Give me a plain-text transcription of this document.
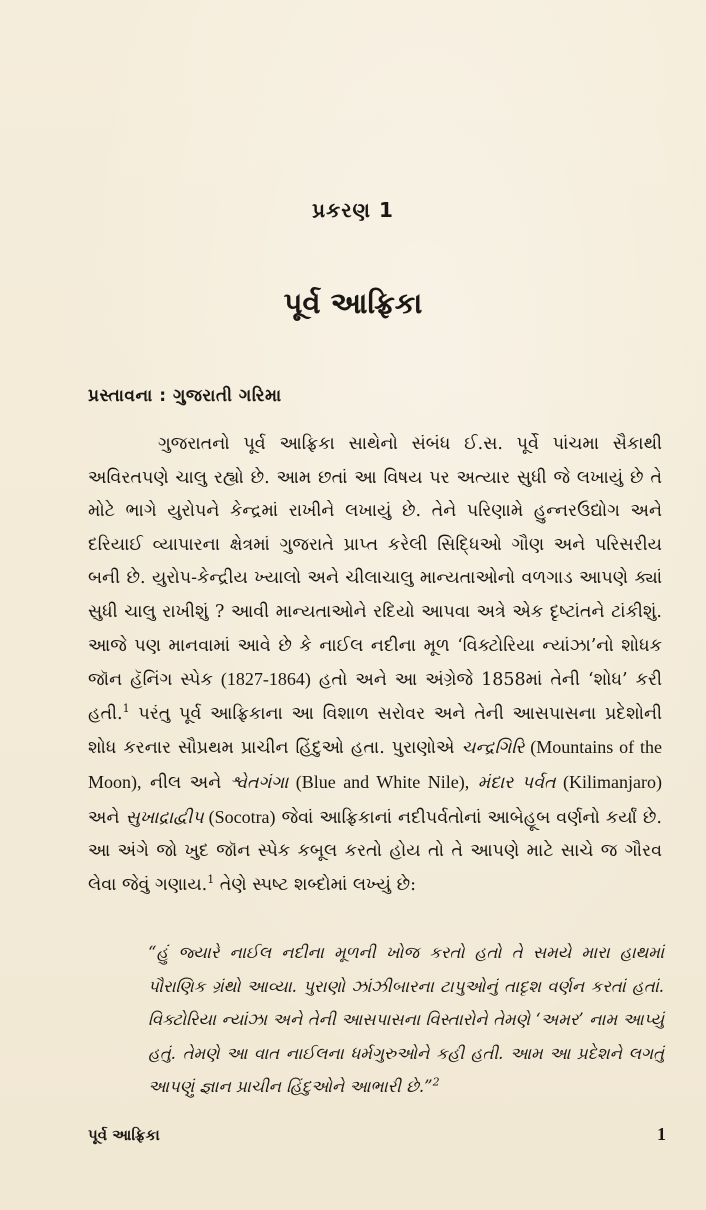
પ્રકરણ 1
પૂર્વ આફ્રિકા
પ્રસ્તાવના : ગુજરાતી ગરિમા

ગુજરાતનો પૂર્વ આફ્રિકા સાથેનો સંબંધ ઈ.સ. પૂર્વે પાંચમા સૈકાથી અવિરતપણે ચાલુ રહ્યો છે. આમ છતાં આ વિષય પર અત્યાર સુધી જે લખાયું છે તે મોટે ભાગે યુરોપને કેન્દ્રમાં રાખીને લખાયું છે. તેને પરિણામે હુન્નરઉદ્યોગ અને દરિયાઈ વ્યાપારના ક્ષેત્રમાં ગુજરાતે પ્રાપ્ત કરેલી સિદ્ધિઓ ગૌણ અને પરિસરીય બની છે. યુરોપ-કેન્દ્રીય ખ્યાલો અને ચીલાચાલુ માન્યતાઓનો વળગાડ આપણે ક્યાં સુધી ચાલુ રાખીશું ? આવી માન્યતાઓને રદિયો આપવા અત્રે એક દૃષ્ટાંતને ટાંકીશું. આજે પણ માનવામાં આવે છે કે નાઈલ નદીના મૂળ ‘વિક્ટોરિયા ન્યાંઝા’નો શોધક જૉન હૅનિંગ સ્પેક (1827-1864) હતો અને આ અંગ્રેજે 1858માં તેની ‘શોધ’ કરી હતી.$^1$ પરંતુ પૂર્વ આફ્રિકાના આ વિશાળ સરોવર અને તેની આસપાસના પ્રદેશોની શોધ કરનાર સૌપ્રથમ પ્રાચીન હિંદુઓ હતા. પુરાણોએ ચન્દ્રગિરિ (Mountains of the Moon), નીલ અને શ્વેતગંગા (Blue and White Nile), મંદાર પર્વત (Kilimanjaro) અને સુખાદ્રાદ્વીપ (Socotra) જેવાં આફ્રિકાનાં નદીપર્વતોનાં આબેહૂબ વર્ણનો કર્યાં છે. આ અંગે જો ખુદ જૉન સ્પેક કબૂલ કરતો હોય તો તે આપણે માટે સાચે જ ગૌરવ લેવા જેવું ગણાય.$^1$ તેણે સ્પષ્ટ શબ્દોમાં લખ્યું છે:

“હું જ્યારે નાઈલ નદીના મૂળની ખોજ કરતો હતો તે સમયે મારા હાથમાં પૌરાણિક ગ્રંથો આવ્યા. પુરાણો ઝાંઝીબારના ટાપુઓનું તાદૃશ વર્ણન કરતાં હતાં. વિક્ટોરિયા ન્યાંઝા અને તેની આસપાસના વિસ્તારોને તેમણે ‘અમર’ નામ આપ્યું હતું. તેમણે આ વાત નાઈલના ધર્મગુરુઓને કહી હતી. આમ આ પ્રદેશને લગતું આપણું જ્ઞાન પ્રાચીન હિંદુઓને આભારી છે.”$^2$

પૂર્વ આફ્રિકા	1
